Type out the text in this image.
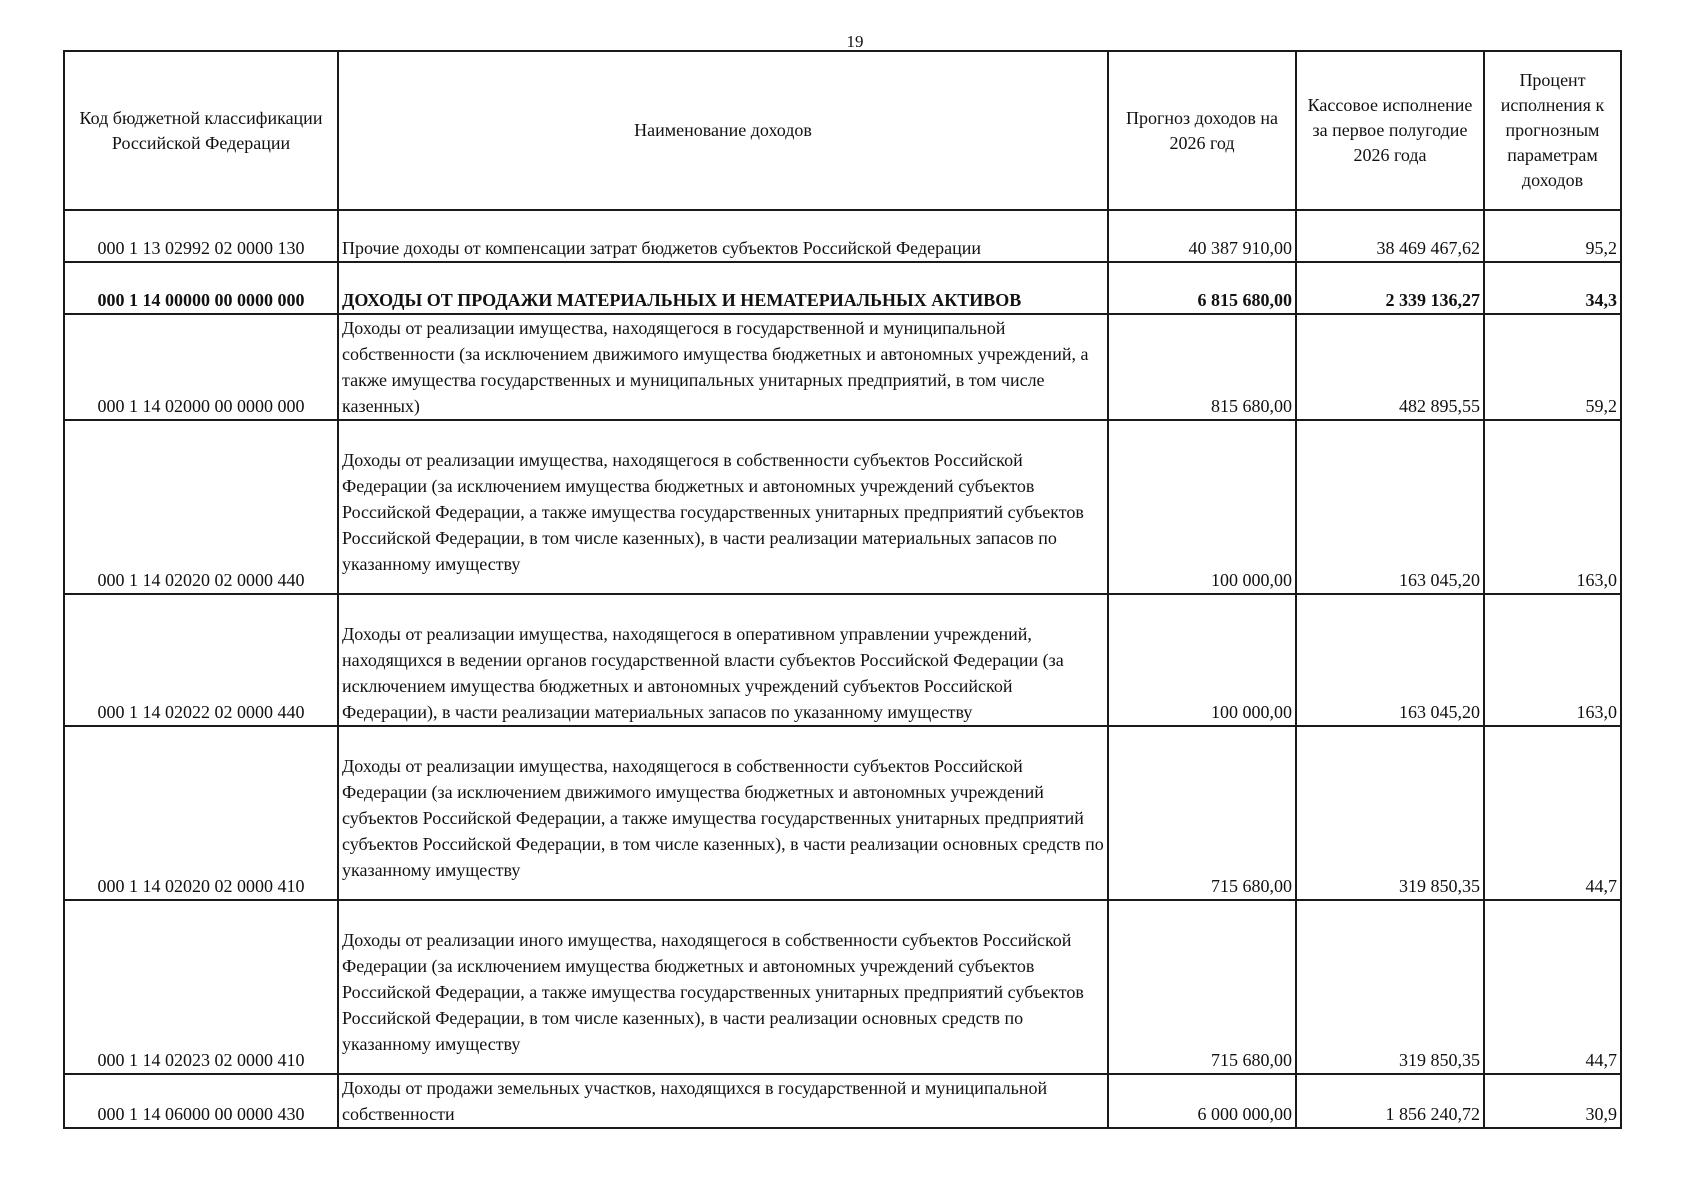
19
Код бюджетной классификации Российской Федерации	Наименование доходов	Прогноз доходов на 2026 год	Кассовое исполнение за первое полугодие 2026 года	Процент исполнения к прогнозным параметрам доходов
000 1 13 02992 02 0000 130	Прочие доходы от компенсации затрат бюджетов субъектов Российской Федерации	40 387 910,00	38 469 467,62	95,2
000 1 14 00000 00 0000 000	ДОХОДЫ ОТ ПРОДАЖИ МАТЕРИАЛЬНЫХ И НЕМАТЕРИАЛЬНЫХ АКТИВОВ	6 815 680,00	2 339 136,27	34,3
000 1 14 02000 00 0000 000	Доходы от реализации имущества, находящегося в государственной и муниципальной собственности (за исключением движимого имущества бюджетных и автономных учреждений, а также имущества государственных и муниципальных унитарных предприятий, в том числе казенных)	815 680,00	482 895,55	59,2
000 1 14 02020 02 0000 440	Доходы от реализации имущества, находящегося в собственности субъектов Российской Федерации (за исключением имущества бюджетных и автономных учреждений субъектов Российской Федерации, а также имущества государственных унитарных предприятий субъектов Российской Федерации, в том числе казенных), в части реализации материальных запасов по указанному имуществу	100 000,00	163 045,20	163,0
000 1 14 02022 02 0000 440	Доходы от реализации имущества, находящегося в оперативном управлении учреждений, находящихся в ведении органов государственной власти субъектов Российской Федерации (за исключением имущества бюджетных и автономных учреждений субъектов Российской Федерации), в части реализации материальных запасов по указанному имуществу	100 000,00	163 045,20	163,0
000 1 14 02020 02 0000 410	Доходы от реализации имущества, находящегося в собственности субъектов Российской Федерации (за исключением движимого имущества бюджетных и автономных учреждений субъектов Российской Федерации, а также имущества государственных унитарных предприятий субъектов Российской Федерации, в том числе казенных), в части реализации основных средств по указанному имуществу	715 680,00	319 850,35	44,7
000 1 14 02023 02 0000 410	Доходы от реализации иного имущества, находящегося в собственности субъектов Российской Федерации (за исключением имущества бюджетных и автономных учреждений субъектов Российской Федерации, а также имущества государственных унитарных предприятий субъектов Российской Федерации, в том числе казенных), в части реализации основных средств по указанному имуществу	715 680,00	319 850,35	44,7
000 1 14 06000 00 0000 430	Доходы от продажи земельных участков, находящихся в государственной и муниципальной собственности	6 000 000,00	1 856 240,72	30,9
